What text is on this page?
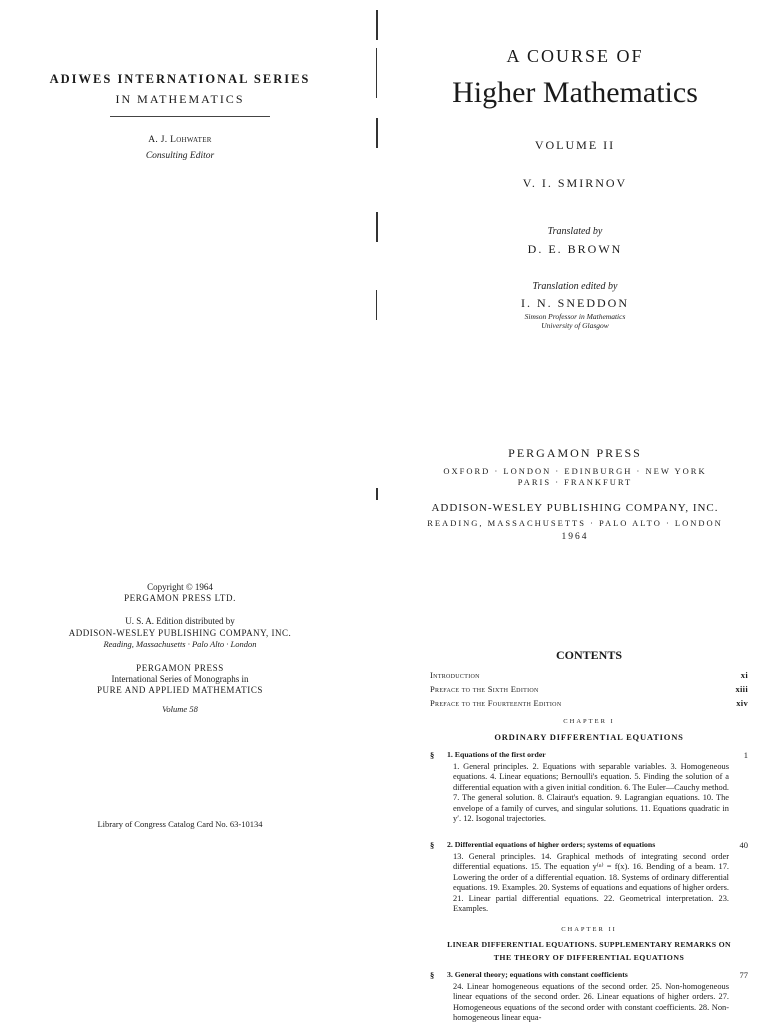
ADIWES INTERNATIONAL SERIES
IN MATHEMATICS
A. J. Lohwater
Consulting Editor
A COURSE OF
Higher Mathematics
VOLUME II
V. I. SMIRNOV
Translated by
D. E. BROWN
Translation edited by
I. N. SNEDDON
Simson Professor in Mathematics
University of Glasgow
PERGAMON PRESS
OXFORD · LONDON · EDINBURGH · NEW YORK
PARIS · FRANKFURT
ADDISON-WESLEY PUBLISHING COMPANY, INC.
READING, MASSACHUSETTS · PALO ALTO · LONDON
1964
Copyright © 1964
PERGAMON PRESS LTD.
U. S. A. Edition distributed by
ADDISON-WESLEY PUBLISHING COMPANY, INC.
Reading, Massachusetts · Palo Alto · London
PERGAMON PRESS
International Series of Monographs in
PURE AND APPLIED MATHEMATICS
Volume 58
Library of Congress Catalog Card No. 63-10134
CONTENTS
Introduction	xi
Preface to the Sixth Edition	xiii
Preface to the Fourteenth Edition	xiv
CHAPTER I
ORDINARY DIFFERENTIAL EQUATIONS
§ 1. Equations of the first order	1
1. General principles. 2. Equations with separable variables. 3. Homogeneous equations. 4. Linear equations; Bernoulli's equation. 5. Finding the solution of a differential equation with a given initial condition. 6. The Euler—Cauchy method. 7. The general solution. 8. Clairaut's equation. 9. Lagrangian equations. 10. The envelope of a family of curves, and singular solutions. 11. Equations quadratic in y′. 12. Isogonal trajectories.
§ 2. Differential equations of higher orders; systems of equations	40
13. General principles. 14. Graphical methods of integrating second order differential equations. 15. The equation y⁽ⁿ⁾ = f(x). 16. Bending of a beam. 17. Lowering the order of a differential equation. 18. Systems of ordinary differential equations. 19. Examples. 20. Systems of equations and equations of higher orders. 21. Linear partial differential equations. 22. Geometrical interpretation. 23. Examples.
CHAPTER II
LINEAR DIFFERENTIAL EQUATIONS. SUPPLEMENTARY REMARKS ON
THE THEORY OF DIFFERENTIAL EQUATIONS
§ 3. General theory; equations with constant coefficients	77
24. Linear homogeneous equations of the second order. 25. Non-homogeneous linear equations of the second order. 26. Linear equations of higher orders. 27. Homogeneous equations of the second order with constant coefficients. 28. Non-homogeneous linear equa-
